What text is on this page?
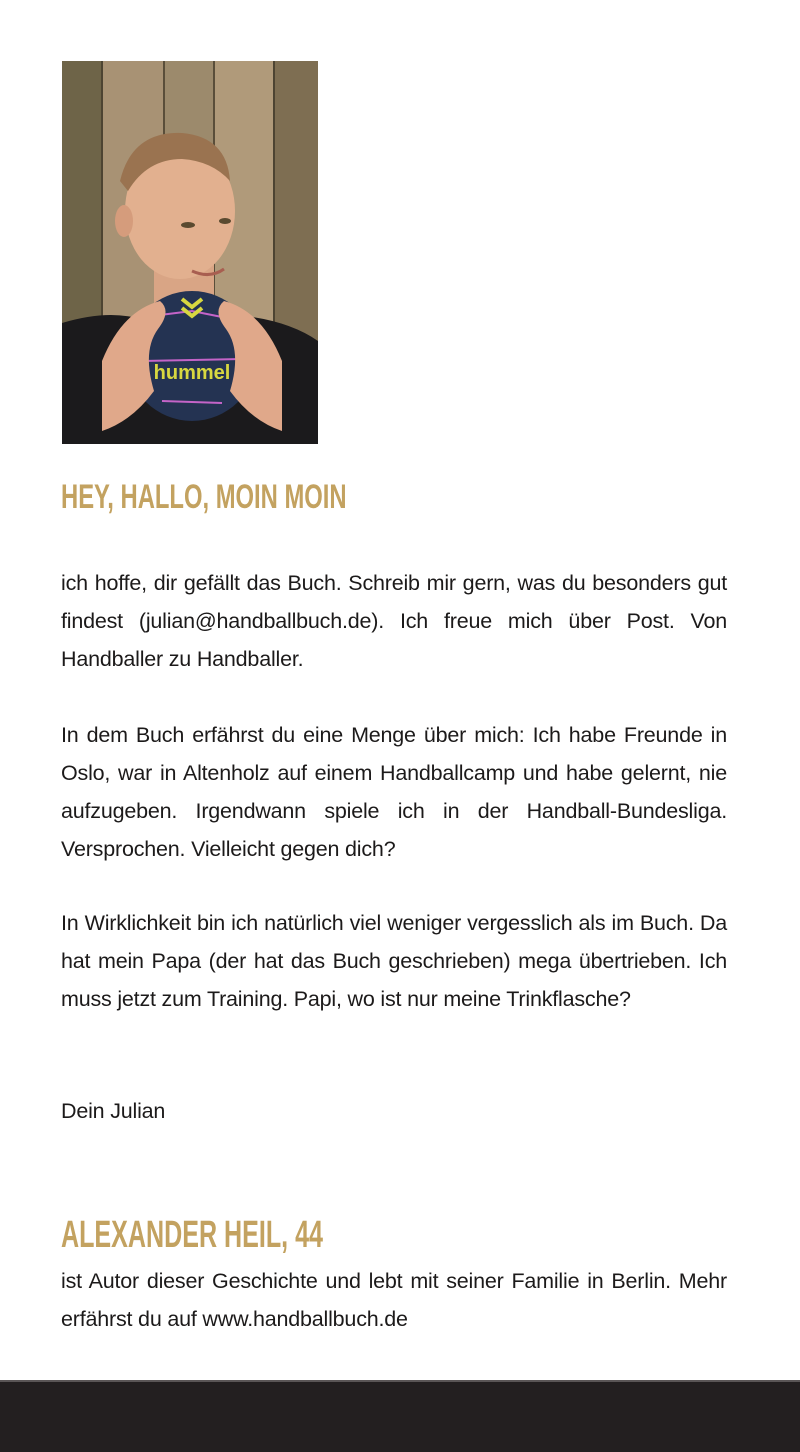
hummel
HEY, HALLO, MOIN MOIN

ich hoffe, dir gefällt das Buch. Schreib mir gern, was du besonders gut findest (julian@handballbuch.de). Ich freue mich über Post. Von Handballer zu Handballer.

In dem Buch erfährst du eine Menge über mich: Ich habe Freunde in Oslo, war in Altenholz auf einem Handballcamp und habe gelernt, nie aufzugeben. Irgendwann spiele ich in der Handball-Bundesliga. Versprochen. Vielleicht gegen dich?

In Wirklichkeit bin ich natürlich viel weniger vergesslich als im Buch. Da hat mein Papa (der hat das Buch geschrieben) mega übertrieben. Ich muss jetzt zum Training. Papi, wo ist nur meine Trinkflasche?

Dein Julian

ALEXANDER HEIL, 44

ist Autor dieser Geschichte und lebt mit seiner Familie in Berlin. Mehr erfährst du auf www.handballbuch.de
